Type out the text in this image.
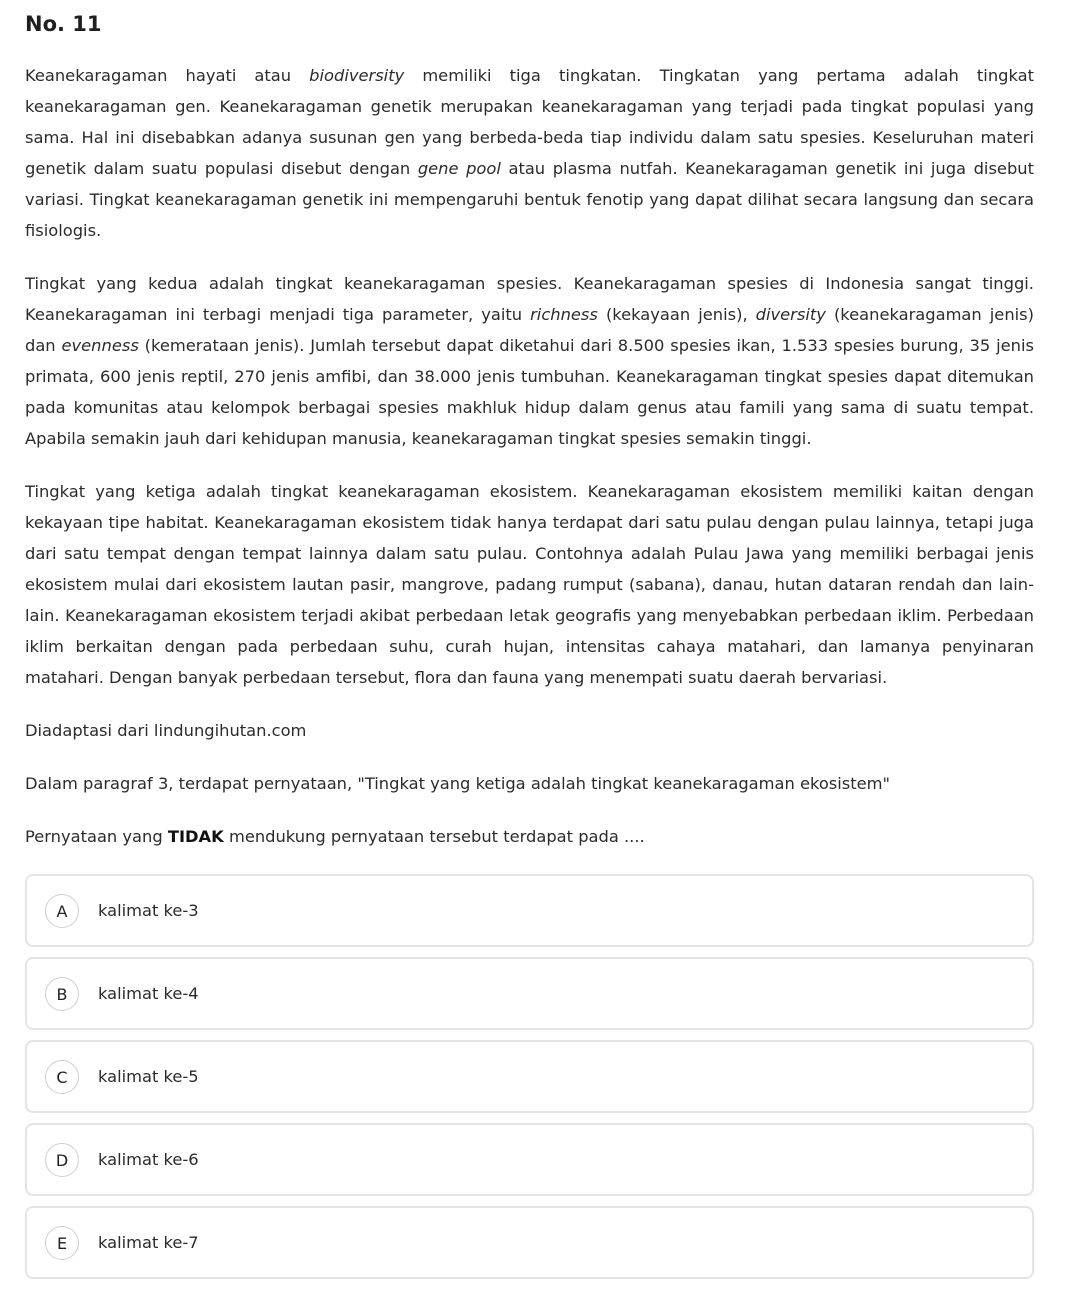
No. 11

Keanekaragaman hayati atau biodiversity memiliki tiga tingkatan. Tingkatan yang pertama adalah tingkat keanekaragaman gen. Keanekaragaman genetik merupakan keanekaragaman yang terjadi pada tingkat populasi yang sama. Hal ini disebabkan adanya susunan gen yang berbeda-beda tiap individu dalam satu spesies. Keseluruhan materi genetik dalam suatu populasi disebut dengan gene pool atau plasma nutfah. Keanekaragaman genetik ini juga disebut variasi. Tingkat keanekaragaman genetik ini mempengaruhi bentuk fenotip yang dapat dilihat secara langsung dan secara fisiologis.

Tingkat yang kedua adalah tingkat keanekaragaman spesies. Keanekaragaman spesies di Indonesia sangat tinggi. Keanekaragaman ini terbagi menjadi tiga parameter, yaitu richness (kekayaan jenis), diversity (keanekaragaman jenis) dan evenness (kemerataan jenis). Jumlah tersebut dapat diketahui dari 8.500 spesies ikan, 1.533 spesies burung, 35 jenis primata, 600 jenis reptil, 270 jenis amfibi, dan 38.000 jenis tumbuhan. Keanekaragaman tingkat spesies dapat ditemukan pada komunitas atau kelompok berbagai spesies makhluk hidup dalam genus atau famili yang sama di suatu tempat. Apabila semakin jauh dari kehidupan manusia, keanekaragaman tingkat spesies semakin tinggi.

Tingkat yang ketiga adalah tingkat keanekaragaman ekosistem. Keanekaragaman ekosistem memiliki kaitan dengan kekayaan tipe habitat. Keanekaragaman ekosistem tidak hanya terdapat dari satu pulau dengan pulau lainnya, tetapi juga dari satu tempat dengan tempat lainnya dalam satu pulau. Contohnya adalah Pulau Jawa yang memiliki berbagai jenis ekosistem mulai dari ekosistem lautan pasir, mangrove, padang rumput (sabana), danau, hutan dataran rendah dan lain-lain. Keanekaragaman ekosistem terjadi akibat perbedaan letak geografis yang menyebabkan perbedaan iklim. Perbedaan iklim berkaitan dengan pada perbedaan suhu, curah hujan, intensitas cahaya matahari, dan lamanya penyinaran matahari. Dengan banyak perbedaan tersebut, flora dan fauna yang menempati suatu daerah bervariasi.

Diadaptasi dari lindungihutan.com

Dalam paragraf 3, terdapat pernyataan, "Tingkat yang ketiga adalah tingkat keanekaragaman ekosistem"

Pernyataan yang TIDAK mendukung pernyataan tersebut terdapat pada ....

A	kalimat ke-3
B	kalimat ke-4
C	kalimat ke-5
D	kalimat ke-6
E	kalimat ke-7
